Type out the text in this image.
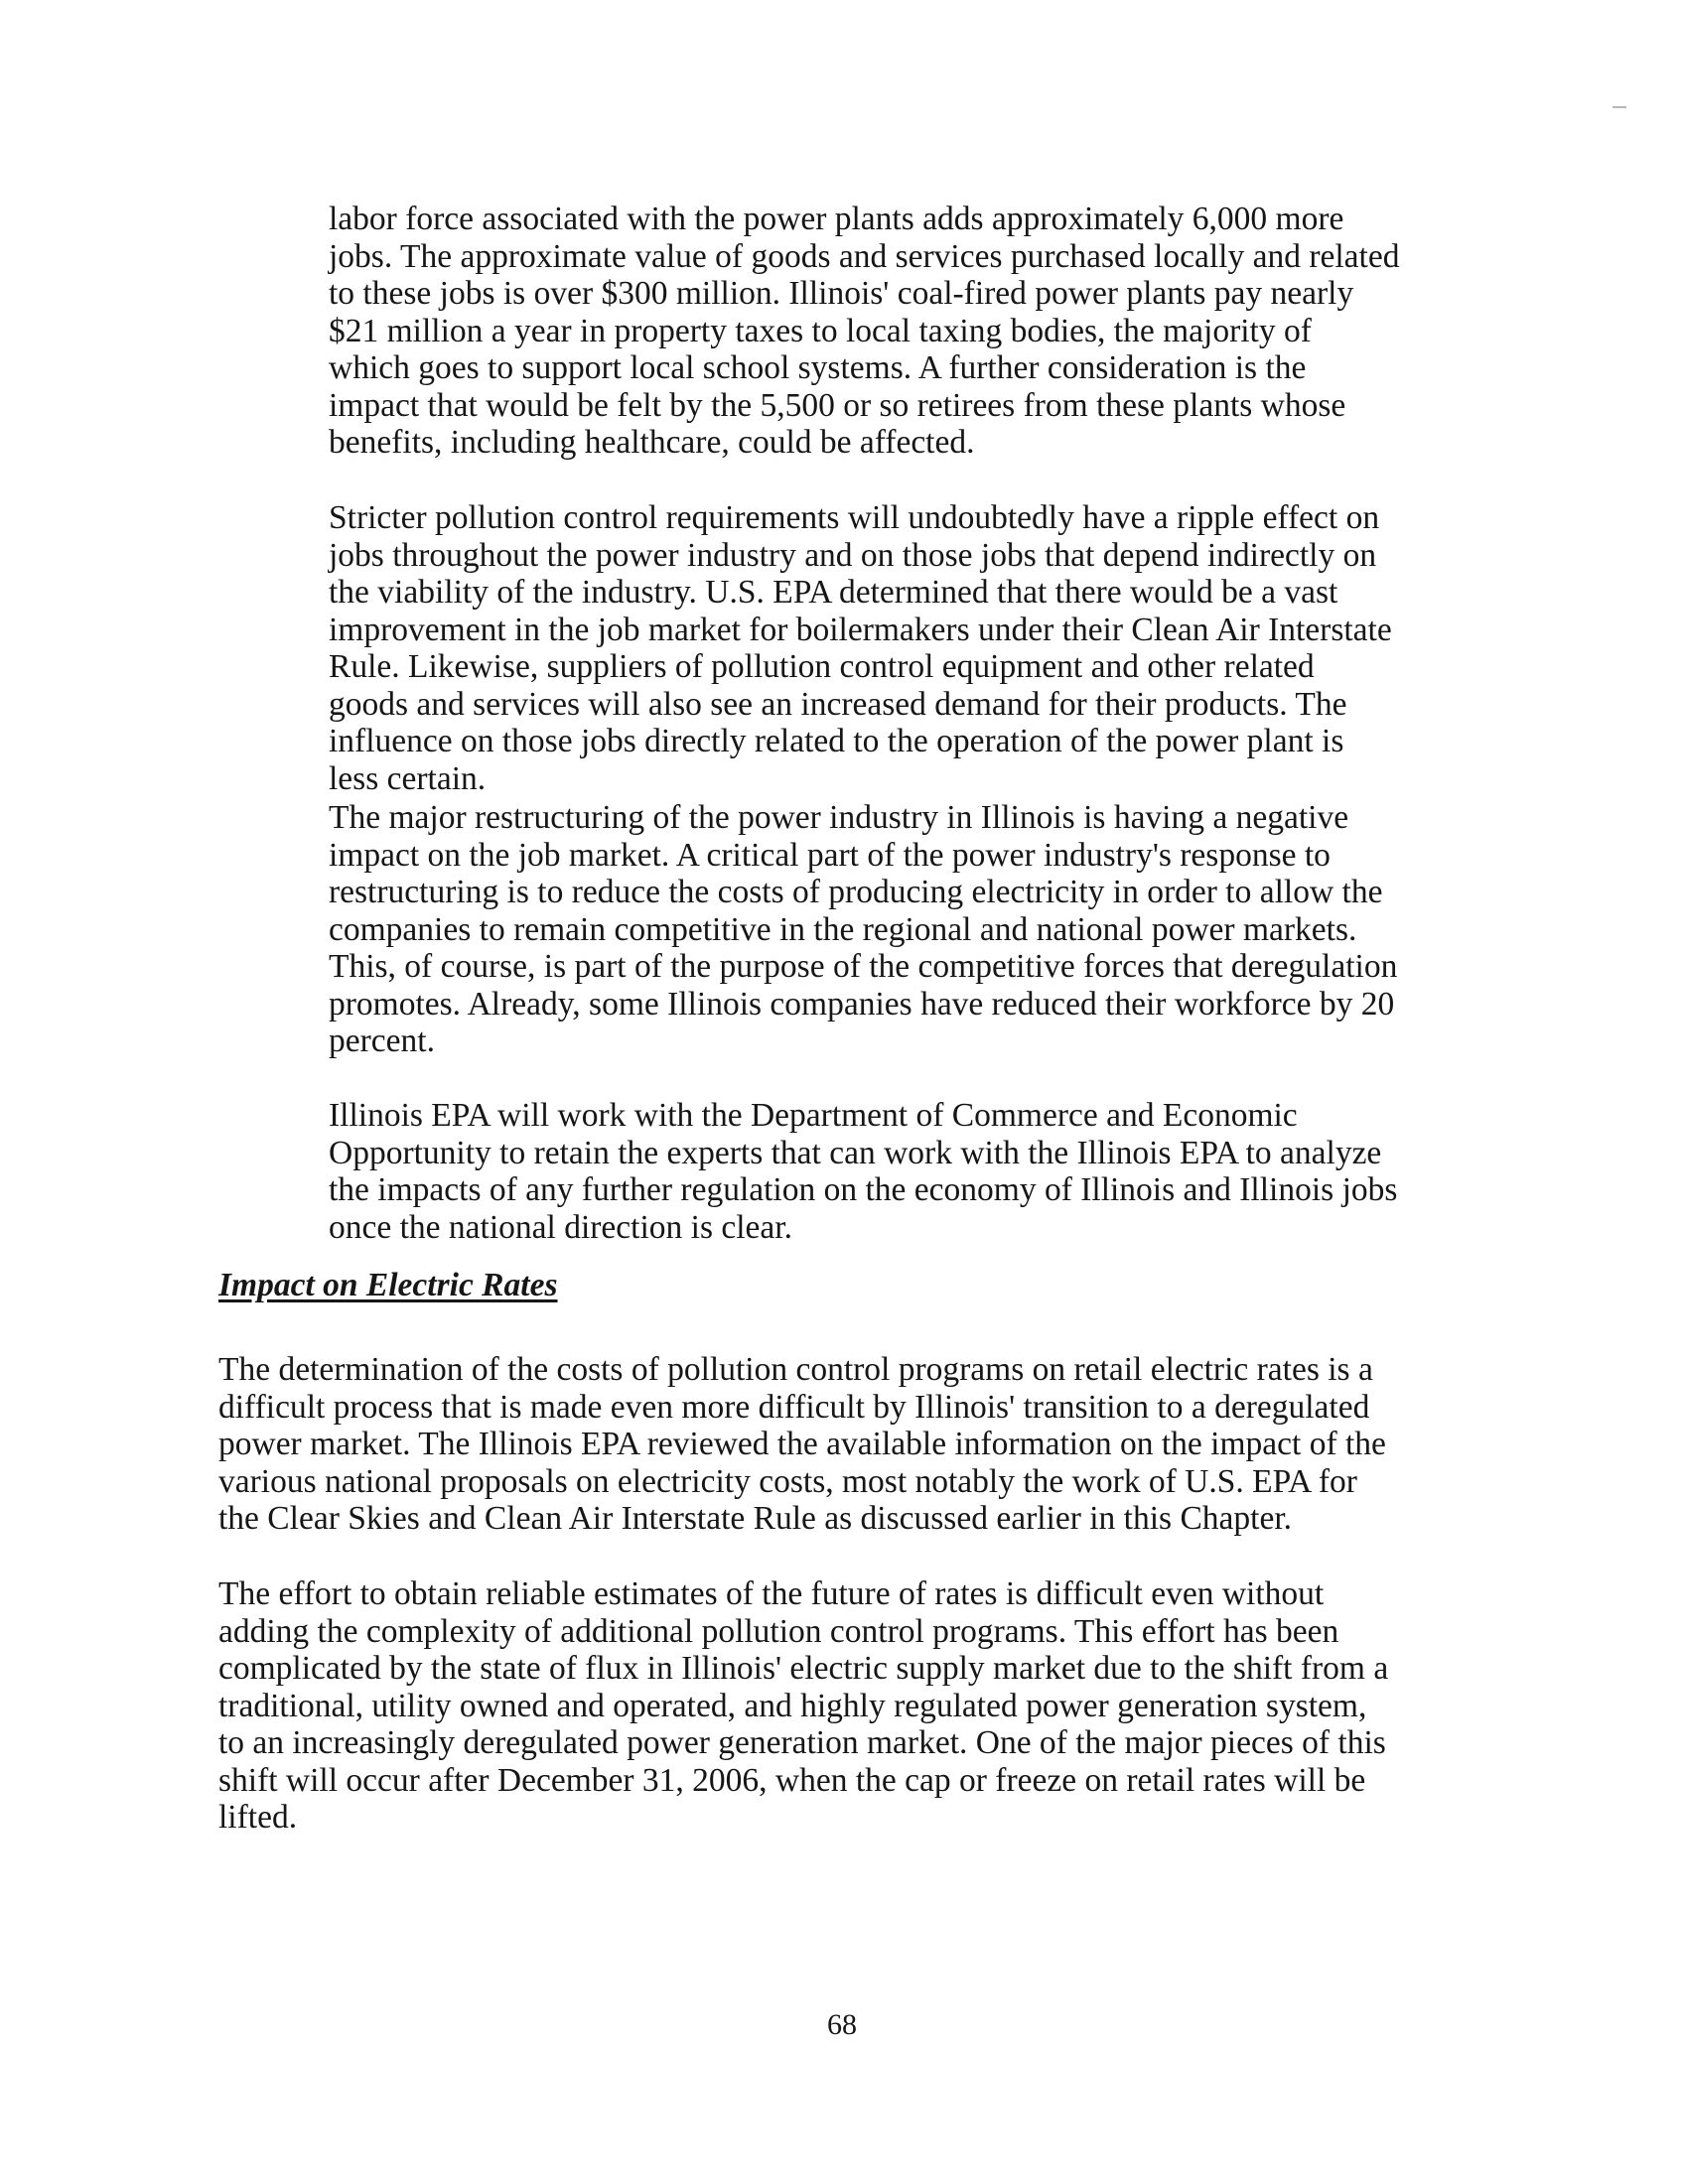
labor force associated with the power plants adds approximately 6,000 more jobs. The approximate value of goods and services purchased locally and related to these jobs is over $300 million. Illinois' coal-fired power plants pay nearly $21 million a year in property taxes to local taxing bodies, the majority of which goes to support local school systems. A further consideration is the impact that would be felt by the 5,500 or so retirees from these plants whose benefits, including healthcare, could be affected.

Stricter pollution control requirements will undoubtedly have a ripple effect on jobs throughout the power industry and on those jobs that depend indirectly on the viability of the industry. U.S. EPA determined that there would be a vast improvement in the job market for boilermakers under their Clean Air Interstate Rule. Likewise, suppliers of pollution control equipment and other related goods and services will also see an increased demand for their products. The influence on those jobs directly related to the operation of the power plant is less certain.

The major restructuring of the power industry in Illinois is having a negative impact on the job market. A critical part of the power industry's response to restructuring is to reduce the costs of producing electricity in order to allow the companies to remain competitive in the regional and national power markets. This, of course, is part of the purpose of the competitive forces that deregulation promotes. Already, some Illinois companies have reduced their workforce by 20 percent.

Illinois EPA will work with the Department of Commerce and Economic Opportunity to retain the experts that can work with the Illinois EPA to analyze the impacts of any further regulation on the economy of Illinois and Illinois jobs once the national direction is clear.

Impact on Electric Rates

The determination of the costs of pollution control programs on retail electric rates is a difficult process that is made even more difficult by Illinois' transition to a deregulated power market. The Illinois EPA reviewed the available information on the impact of the various national proposals on electricity costs, most notably the work of U.S. EPA for the Clear Skies and Clean Air Interstate Rule as discussed earlier in this Chapter.

The effort to obtain reliable estimates of the future of rates is difficult even without adding the complexity of additional pollution control programs. This effort has been complicated by the state of flux in Illinois' electric supply market due to the shift from a traditional, utility owned and operated, and highly regulated power generation system, to an increasingly deregulated power generation market. One of the major pieces of this shift will occur after December 31, 2006, when the cap or freeze on retail rates will be lifted.

68
